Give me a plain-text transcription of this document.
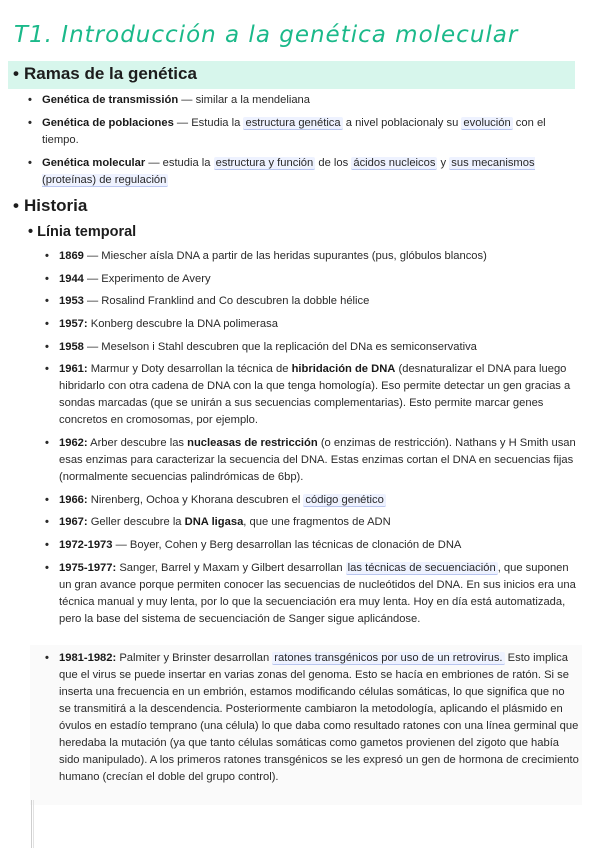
T1. Introducción a la genética molecular
• Ramas de la genética
• Genética de transmissión — similar a la mendeliana
• Genética de poblaciones — Estudia la estructura genética a nivel poblacionaly su evolución con el tiempo.
• Genética molecular — estudia la estructura y función de los ácidos nucleicos y sus mecanismos (proteínas) de regulación
• Historia
• Línia temporal
• 1869 — Miescher aísla DNA a partir de las heridas supurantes (pus, glóbulos blancos)
• 1944 — Experimento de Avery
• 1953 — Rosalind Franklind and Co descubren la dobble hélice
• 1957: Konberg descubre la DNA polimerasa
• 1958 — Meselson i Stahl descubren que la replicación del DNa es semiconservativa
• 1961: Marmur y Doty desarrollan la técnica de hibridación de DNA (desnaturalizar el DNA para luego hibridarlo con otra cadena de DNA con la que tenga homología). Eso permite detectar un gen gracias a sondas marcadas (que se unirán a sus secuencias complementarias). Esto permite marcar genes concretos en cromosomas, por ejemplo.
• 1962: Arber descubre las nucleasas de restricción (o enzimas de restricción). Nathans y H Smith usan esas enzimas para caracterizar la secuencia del DNA. Estas enzimas cortan el DNA en secuencias fijas (normalmente secuencias palindrómicas de 6bp).
• 1966: Nirenberg, Ochoa y Khorana descubren el código genético
• 1967: Geller descubre la DNA ligasa, que une fragmentos de ADN
• 1972-1973 — Boyer, Cohen y Berg desarrollan las técnicas de clonación de DNA
• 1975-1977: Sanger, Barrel y Maxam y Gilbert desarrollan las técnicas de secuenciación , que suponen un gran avance porque permiten conocer las secuencias de nucleótidos del DNA. En sus inicios era una técnica manual y muy lenta, por lo que la secuenciación era muy lenta. Hoy en día está automatizada, pero la base del sistema de secuenciación de Sanger sigue aplicándose.
• 1981-1982: Palmiter y Brinster desarrollan ratones transgénicos por uso de un retrovirus. Esto implica que el virus se puede insertar en varias zonas del genoma. Esto se hacía en embriones de ratón. Si se inserta una frecuencia en un embrión, estamos modificando células somáticas, lo que significa que no se transmitirá a la descendencia. Posteriormente cambiaron la metodología, aplicando el plásmido en óvulos en estadío temprano (una célula) lo que daba como resultado ratones con una línea germinal que heredaba la mutación (ya que tanto células somáticas como gametos provienen del zigoto que había sido manipulado). A los primeros ratones transgénicos se les expresó un gen de hormona de crecimiento humano (crecían el doble del grupo control).
